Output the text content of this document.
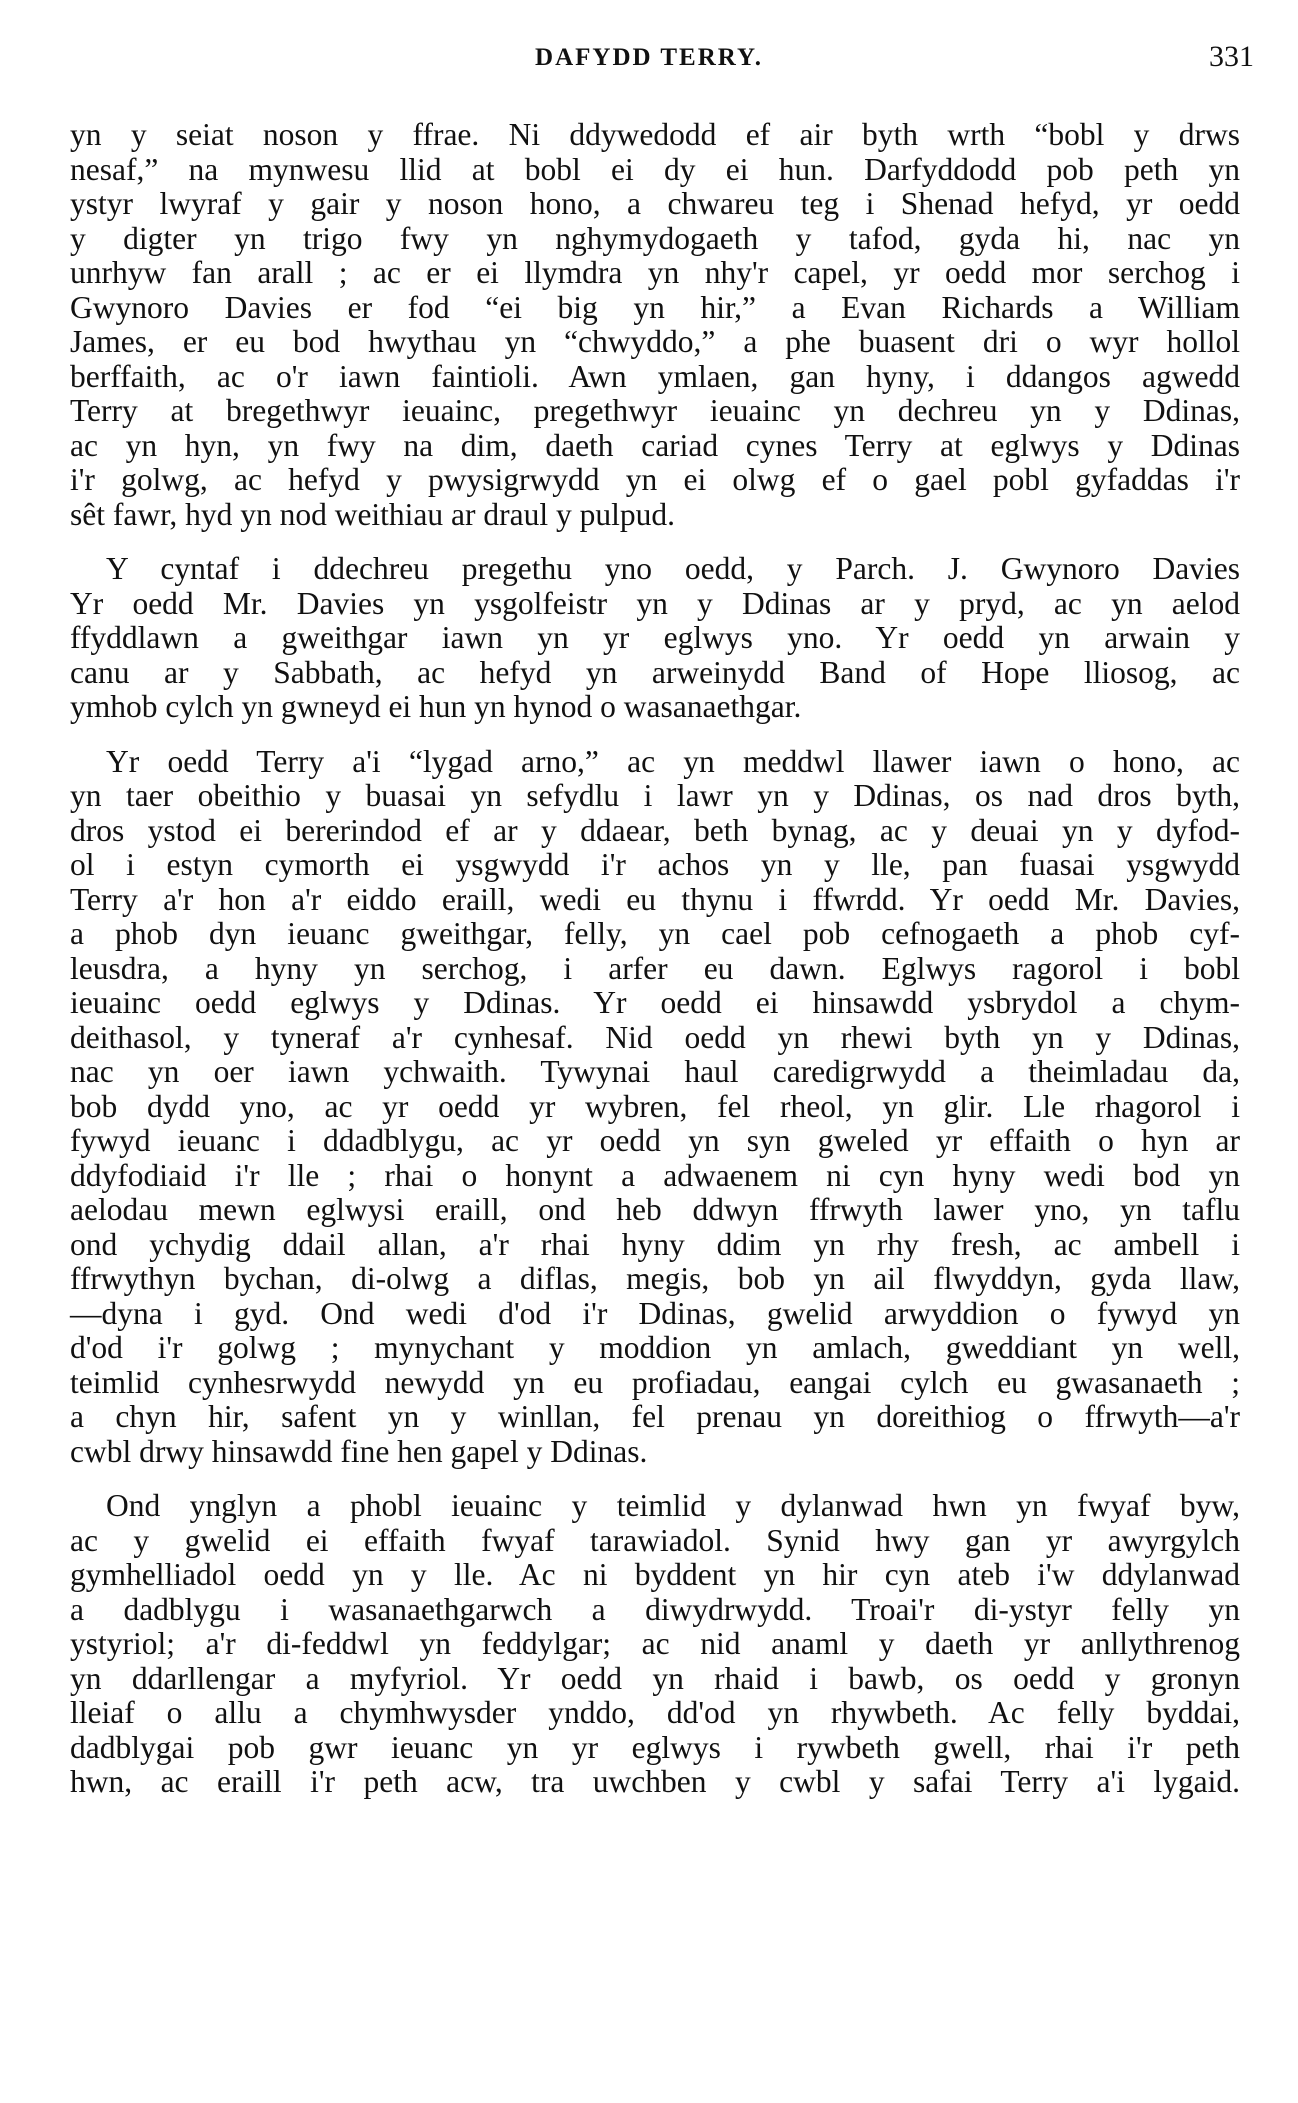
DAFYDD TERRY.	331
yn y seiat noson y ffrae. Ni ddywedodd ef air byth wrth “bobl y drws
nesaf,” na mynwesu llid at bobl ei dy ei hun. Darfyddodd pob peth yn
ystyr lwyraf y gair y noson hono, a chwareu teg i Shenad hefyd, yr oedd
y digter yn trigo fwy yn nghymydogaeth y tafod, gyda hi, nac yn
unrhyw fan arall ; ac er ei llymdra yn nhy'r capel, yr oedd mor serchog i
Gwynoro Davies er fod “ei big yn hir,” a Evan Richards a William
James, er eu bod hwythau yn “chwyddo,” a phe buasent dri o wyr hollol
berffaith, ac o'r iawn faintioli. Awn ymlaen, gan hyny, i ddangos agwedd
Terry at bregethwyr ieuainc, pregethwyr ieuainc yn dechreu yn y Ddinas,
ac yn hyn, yn fwy na dim, daeth cariad cynes Terry at eglwys y Ddinas
i'r golwg, ac hefyd y pwysigrwydd yn ei olwg ef o gael pobl gyfaddas i'r
sêt fawr, hyd yn nod weithiau ar draul y pulpud.
Y cyntaf i ddechreu pregethu yno oedd, y Parch. J. Gwynoro Davies
Yr oedd Mr. Davies yn ysgolfeistr yn y Ddinas ar y pryd, ac yn aelod
ffyddlawn a gweithgar iawn yn yr eglwys yno. Yr oedd yn arwain y
canu ar y Sabbath, ac hefyd yn arweinydd Band of Hope lliosog, ac
ymhob cylch yn gwneyd ei hun yn hynod o wasanaethgar.
Yr oedd Terry a'i “lygad arno,” ac yn meddwl llawer iawn o hono, ac
yn taer obeithio y buasai yn sefydlu i lawr yn y Ddinas, os nad dros byth,
dros ystod ei bererindod ef ar y ddaear, beth bynag, ac y deuai yn y dyfod-
ol i estyn cymorth ei ysgwydd i'r achos yn y lle, pan fuasai ysgwydd
Terry a'r hon a'r eiddo eraill, wedi eu thynu i ffwrdd. Yr oedd Mr. Davies,
a phob dyn ieuanc gweithgar, felly, yn cael pob cefnogaeth a phob cyf-
leusdra, a hyny yn serchog, i arfer eu dawn. Eglwys ragorol i bobl
ieuainc oedd eglwys y Ddinas. Yr oedd ei hinsawdd ysbrydol a chym-
deithasol, y tyneraf a'r cynhesaf. Nid oedd yn rhewi byth yn y Ddinas,
nac yn oer iawn ychwaith. Tywynai haul caredigrwydd a theimladau da,
bob dydd yno, ac yr oedd yr wybren, fel rheol, yn glir. Lle rhagorol i
fywyd ieuanc i ddadblygu, ac yr oedd yn syn gweled yr effaith o hyn ar
ddyfodiaid i'r lle ; rhai o honynt a adwaenem ni cyn hyny wedi bod yn
aelodau mewn eglwysi eraill, ond heb ddwyn ffrwyth lawer yno, yn taflu
ond ychydig ddail allan, a'r rhai hyny ddim yn rhy fresh, ac ambell i
ffrwythyn bychan, di-olwg a diflas, megis, bob yn ail flwyddyn, gyda llaw,
—dyna i gyd. Ond wedi d'od i'r Ddinas, gwelid arwyddion o fywyd yn
d'od i'r golwg ; mynychant y moddion yn amlach, gweddiant yn well,
teimlid cynhesrwydd newydd yn eu profiadau, eangai cylch eu gwasanaeth ;
a chyn hir, safent yn y winllan, fel prenau yn doreithiog o ffrwyth—a'r
cwbl drwy hinsawdd fine hen gapel y Ddinas.
Ond ynglyn a phobl ieuainc y teimlid y dylanwad hwn yn fwyaf byw,
ac y gwelid ei effaith fwyaf tarawiadol. Synid hwy gan yr awyrgylch
gymhelliadol oedd yn y lle. Ac ni byddent yn hir cyn ateb i'w ddylanwad
a dadblygu i wasanaethgarwch a diwydrwydd. Troai'r di-ystyr felly yn
ystyriol; a'r di-feddwl yn feddylgar; ac nid anaml y daeth yr anllythrenog
yn ddarllengar a myfyriol. Yr oedd yn rhaid i bawb, os oedd y gronyn
lleiaf o allu a chymhwysder ynddo, dd'od yn rhywbeth. Ac felly byddai,
dadblygai pob gwr ieuanc yn yr eglwys i rywbeth gwell, rhai i'r peth
hwn, ac eraill i'r peth acw, tra uwchben y cwbl y safai Terry a'i lygaid.
